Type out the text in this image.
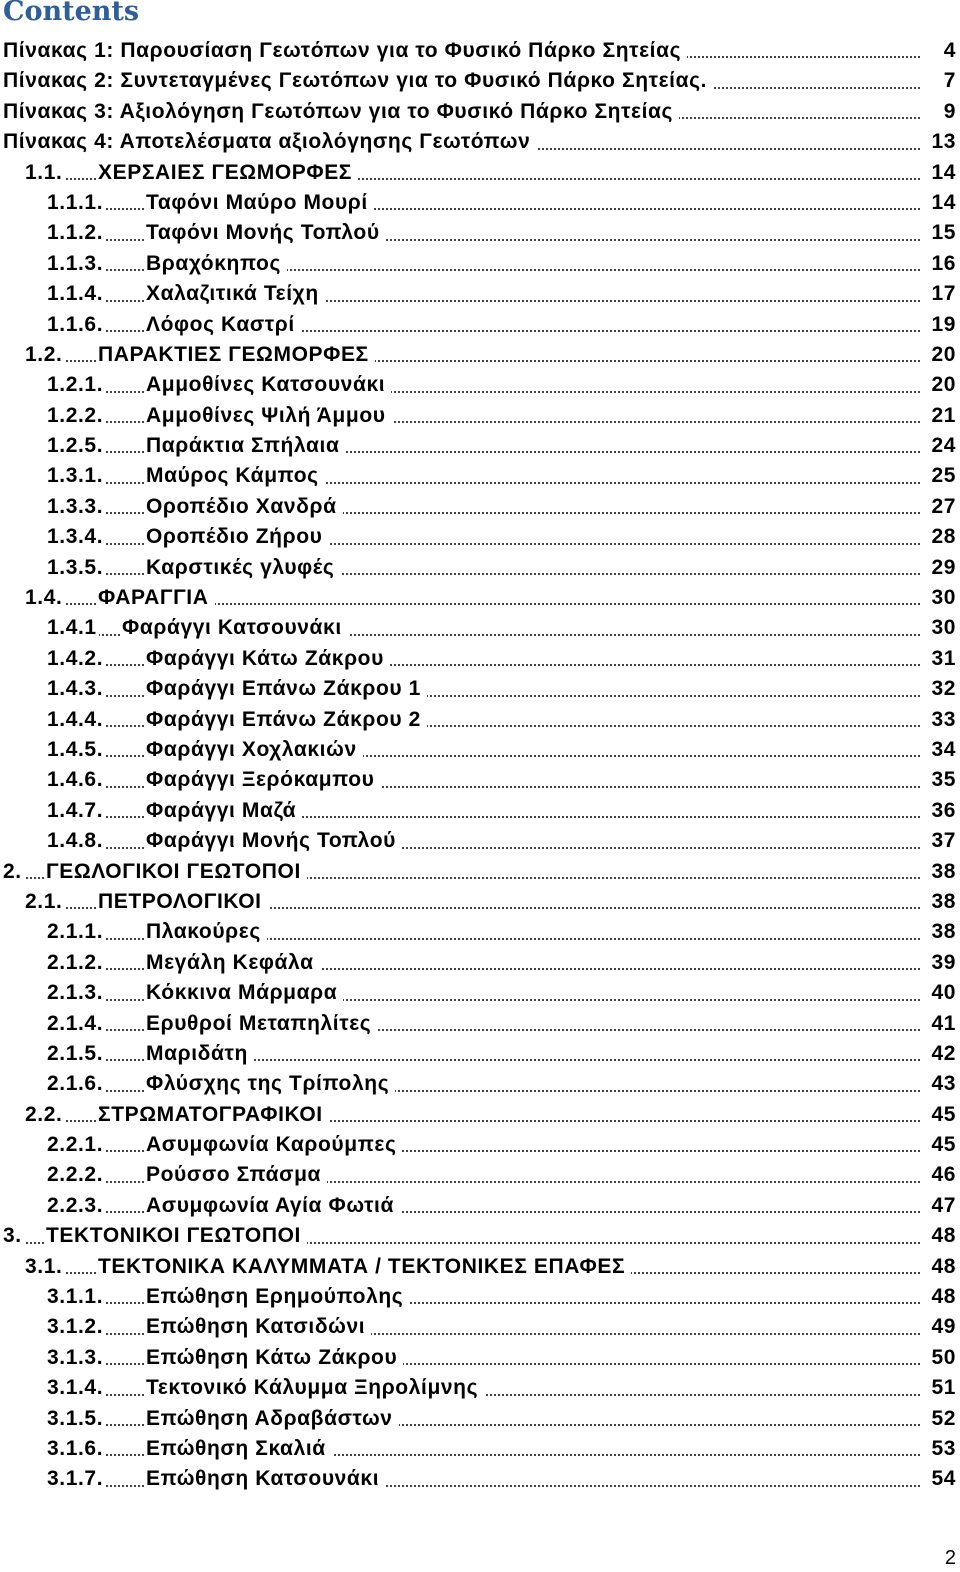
Contents
Πίνακας 1: Παρουσίαση Γεωτόπων για το Φυσικό Πάρκο Σητείας	4
Πίνακας 2: Συντεταγμένες Γεωτόπων για το Φυσικό Πάρκο Σητείας.	7
Πίνακας 3: Αξιολόγηση Γεωτόπων για το Φυσικό Πάρκο Σητείας	9
Πίνακας 4: Αποτελέσματα αξιολόγησης Γεωτόπων	13
1.1. ΧΕΡΣΑΙΕΣ ΓΕΩΜΟΡΦΕΣ	14
1.1.1. Ταφόνι Μαύρο Μουρί	14
1.1.2. Ταφόνι Μονής Τοπλού	15
1.1.3. Βραχόκηπος	16
1.1.4. Χαλαζιτικά Τείχη	17
1.1.6. Λόφος Καστρί	19
1.2. ΠΑΡΑΚΤΙΕΣ ΓΕΩΜΟΡΦΕΣ	20
1.2.1. Αμμοθίνες Κατσουνάκι	20
1.2.2. Αμμοθίνες Ψιλή Άμμου	21
1.2.5. Παράκτια Σπήλαια	24
1.3.1. Μαύρος Κάμπος	25
1.3.3. Οροπέδιο Χανδρά	27
1.3.4. Οροπέδιο Ζήρου	28
1.3.5. Καρστικές γλυφές	29
1.4. ΦΑΡΑΓΓΙΑ	30
1.4.1 Φαράγγι Κατσουνάκι	30
1.4.2. Φαράγγι Κάτω Ζάκρου	31
1.4.3. Φαράγγι Επάνω Ζάκρου 1	32
1.4.4. Φαράγγι Επάνω Ζάκρου 2	33
1.4.5. Φαράγγι Χοχλακιών	34
1.4.6. Φαράγγι Ξερόκαμπου	35
1.4.7. Φαράγγι Μαζά	36
1.4.8. Φαράγγι Μονής Τοπλού	37
2. ΓΕΩΛΟΓΙΚΟΙ ΓΕΩΤΟΠΟΙ	38
2.1. ΠΕΤΡΟΛΟΓΙΚΟΙ	38
2.1.1. Πλακούρες	38
2.1.2. Μεγάλη Κεφάλα	39
2.1.3. Κόκκινα Μάρμαρα	40
2.1.4. Ερυθροί Μεταπηλίτες	41
2.1.5. Μαριδάτη	42
2.1.6. Φλύσχης της Τρίπολης	43
2.2. ΣΤΡΩΜΑΤΟΓΡΑΦΙΚΟΙ	45
2.2.1. Ασυμφωνία Καρούμπες	45
2.2.2. Ρούσσο Σπάσμα	46
2.2.3. Ασυμφωνία Αγία Φωτιά	47
3. ΤΕΚΤΟΝΙΚΟΙ ΓΕΩΤΟΠΟΙ	48
3.1. ΤΕΚΤΟΝΙΚΑ ΚΑΛΥΜΜΑΤΑ / ΤΕΚΤΟΝΙΚΕΣ ΕΠΑΦΕΣ	48
3.1.1. Επώθηση Ερημούπολης	48
3.1.2. Επώθηση Κατσιδώνι	49
3.1.3. Επώθηση Κάτω Ζάκρου	50
3.1.4. Τεκτονικό Κάλυμμα Ξηρολίμνης	51
3.1.5. Επώθηση Αδραβάστων	52
3.1.6. Επώθηση Σκαλιά	53
3.1.7. Επώθηση Κατσουνάκι	54
2
